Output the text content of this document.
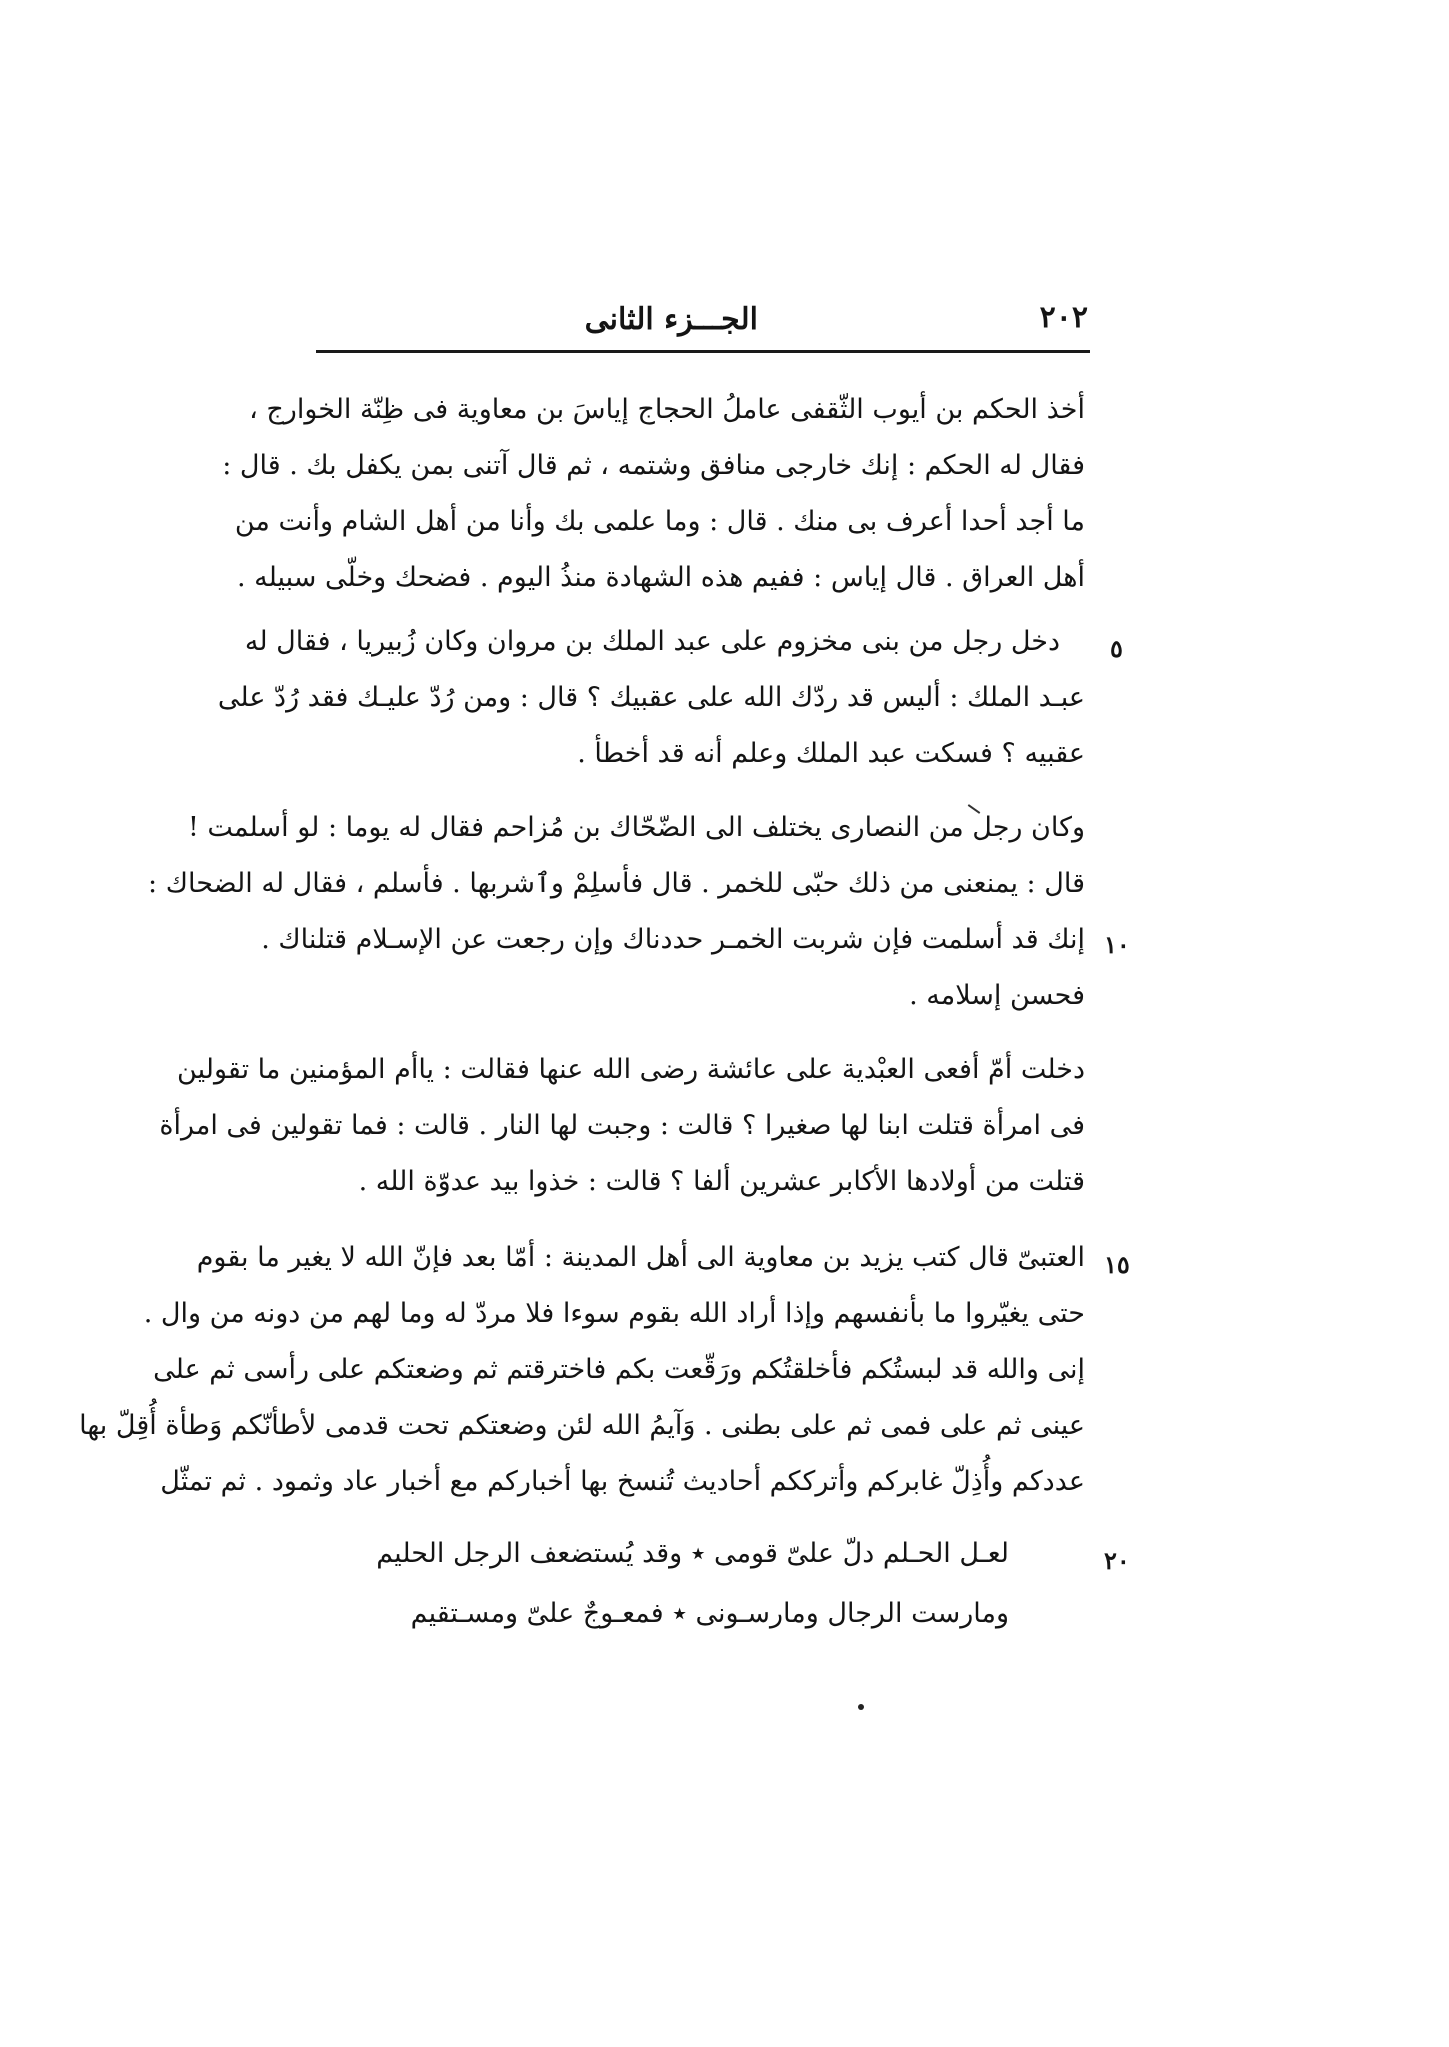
٢٠٢
الجـــزء الثانى
أخذ الحكم بن أيوب الثّقفى عاملُ الحجاج إياسَ بن معاوية فى ظِنّة الخوارج ،
فقال له الحكم : إنك خارجى منافق وشتمه ، ثم قال آتنى بمن يكفل بك . قال :
ما أجد أحدا أعرف بى منك . قال : وما علمى بك وأنا من أهل الشام وأنت من
أهل العراق . قال إياس : ففيم هذه الشهادة منذُ اليوم . فضحك وخلّى سبيله .
دخل رجل من بنى مخزوم على عبد الملك بن مروان وكان زُبيريا ، فقال له
عبـد الملك : أليس قد ردّك الله على عقبيك ؟ قال : ومن رُدّ عليـك فقد رُدّ على
عقبيه ؟ فسكت عبد الملك وعلم أنه قد أخطأ .
وكان رجل من النصارى يختلف الى الضّحّاك بن مُزاحم فقال له يوما : لو أسلمت !
قال : يمنعنى من ذلك حبّى للخمر . قال فأسلِمْ وٱشربها . فأسلم ، فقال له الضحاك :
إنك قد أسلمت فإن شربت الخمـر حددناك وإن رجعت عن الإسـلام قتلناك .
فحسن إسلامه .
دخلت أمّ أفعى العبْدية على عائشة رضى الله عنها فقالت : ياأم المؤمنين ما تقولين
فى امرأة قتلت ابنا لها صغيرا ؟ قالت : وجبت لها النار . قالت : فما تقولين فى امرأة
قتلت من أولادها الأكابر عشرين ألفا ؟ قالت : خذوا بيد عدوّة الله .
العتبىّ قال كتب يزيد بن معاوية الى أهل المدينة : أمّا بعد فإنّ الله لا يغير ما بقوم
حتى يغيّروا ما بأنفسهم وإذا أراد الله بقوم سوءا فلا مردّ له وما لهم من دونه من وال .
إنى والله قد لبستُكم فأخلقتُكم ورَقّعت بكم فاخترقتم ثم وضعتكم على رأسى ثم على
عينى ثم على فمى ثم على بطنى . وَآيمُ الله لئن وضعتكم تحت قدمى لأطأنّكم وَطأة أُقِلّ بها
عددكم وأُذِلّ غابركم وأترككم أحاديث تُنسخ بها أخباركم مع أخبار عاد وثمود . ثم تمثّل
لعـل الحـلم دلّ علىّ قومى ٭ وقد يُستضعف الرجل الحليم
ومارست الرجال ومارسـونى ٭ فمعـوجٌ علىّ ومسـتقيم
٥
١٠
١٥
٢٠
